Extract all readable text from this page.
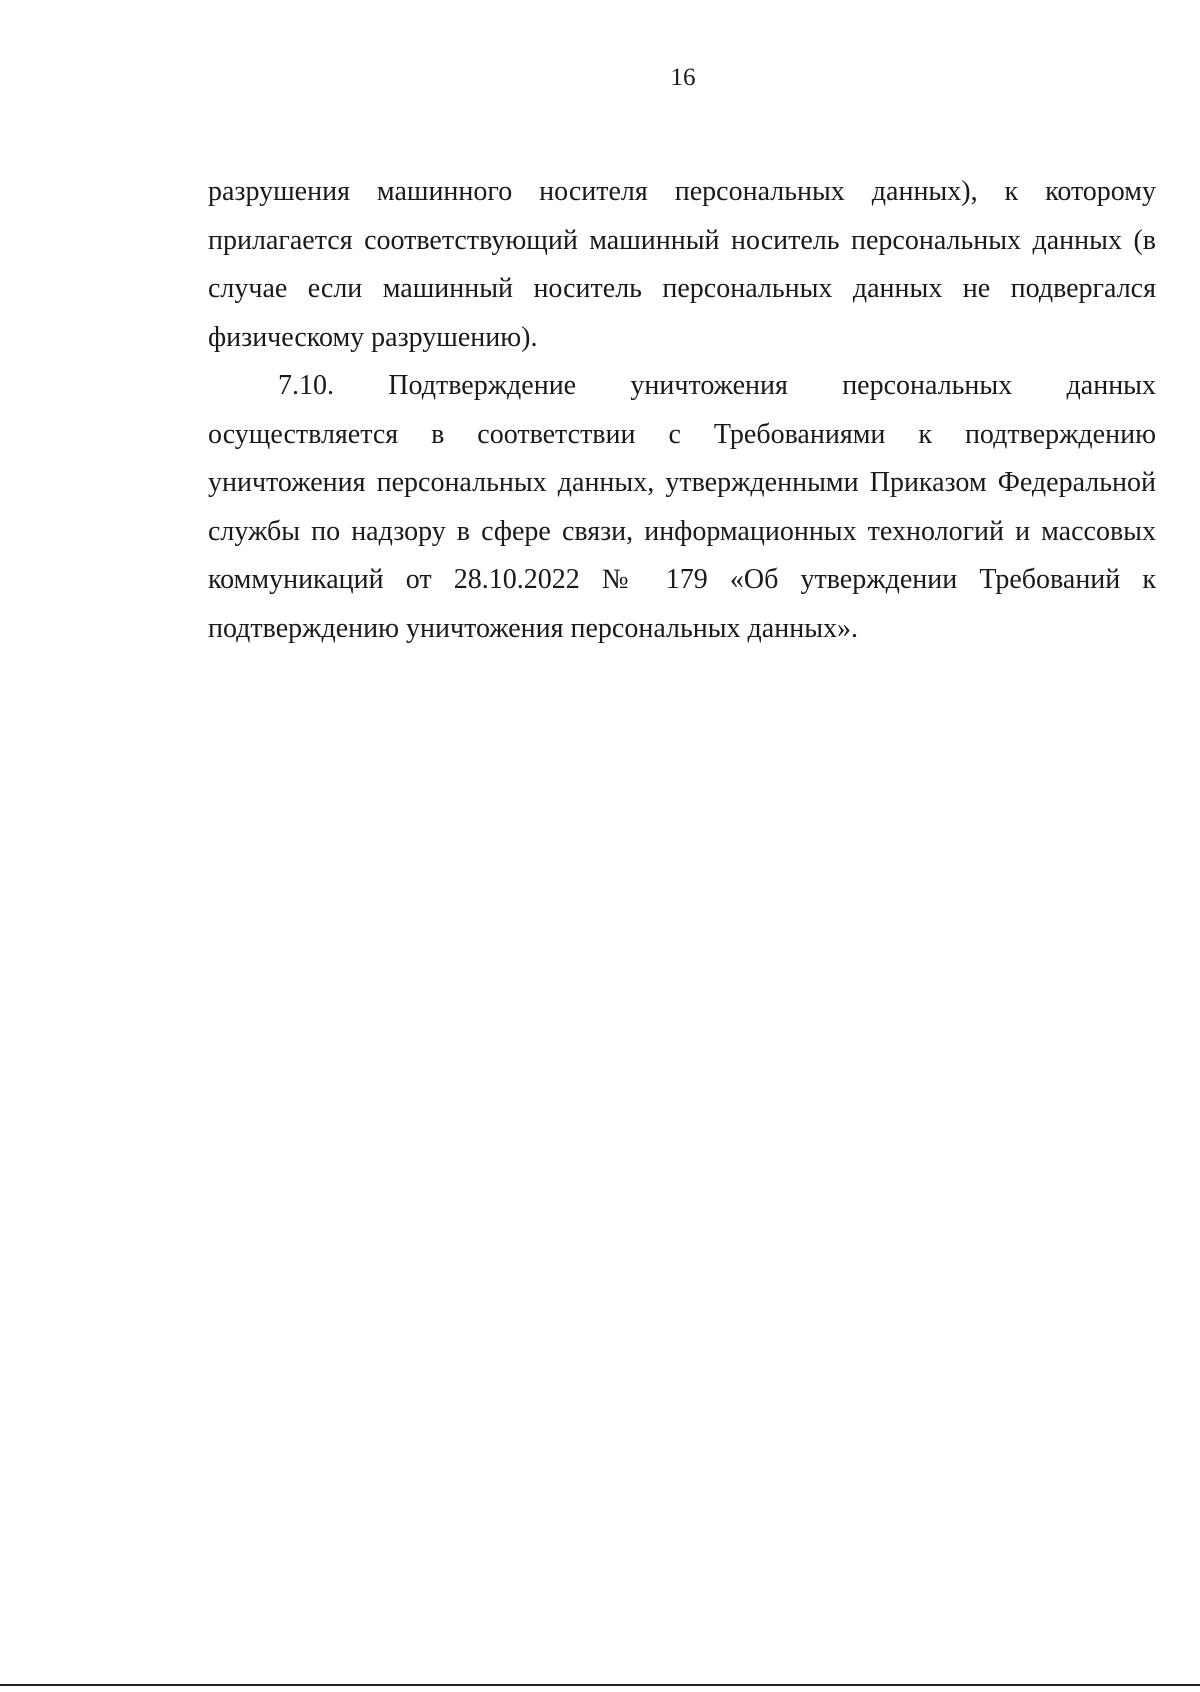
16

разрушения машинного носителя персональных данных), к которому
прилагается соответствующий машинный носитель персональных данных (в
случае если машинный носитель персональных данных не подвергался
физическому разрушению).

7.10. Подтверждение уничтожения персональных данных
осуществляется в соответствии с Требованиями к подтверждению
уничтожения персональных данных, утвержденными Приказом Федеральной
службы по надзору в сфере связи, информационных технологий и массовых
коммуникаций от 28.10.2022 № 179 «Об утверждении Требований к
подтверждению уничтожения персональных данных».
